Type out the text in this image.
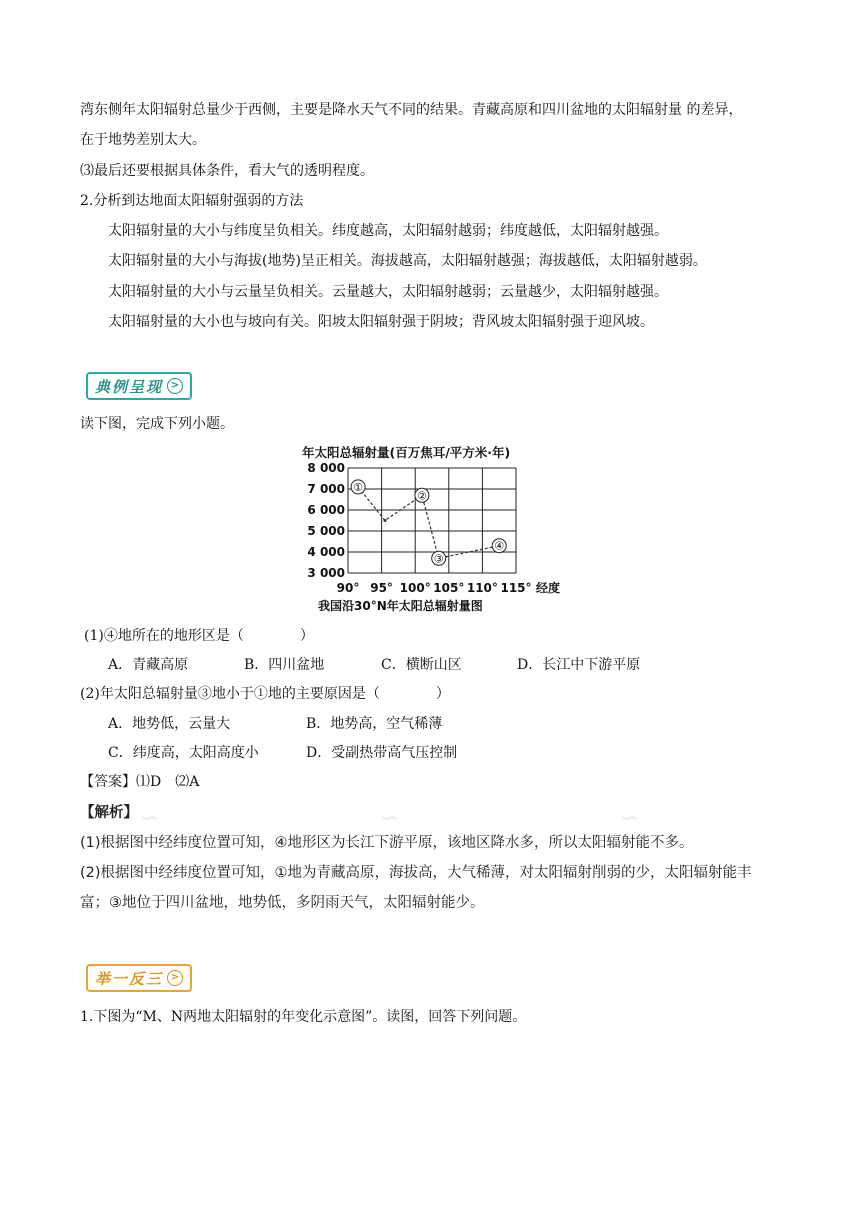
湾东侧年太阳辐射总量少于西侧，主要是降水天气不同的结果。青藏高原和四川盆地的太阳辐射量 的差异，
在于地势差别太大。
⑶最后还要根据具体条件，看大气的透明程度。
2.分析到达地面太阳辐射强弱的方法
太阳辐射量的大小与纬度呈负相关。纬度越高，太阳辐射越弱；纬度越低，太阳辐射越强。
太阳辐射量的大小与海拔(地势)呈正相关。海拔越高，太阳辐射越强；海拔越低，太阳辐射越弱。
太阳辐射量的大小与云量呈负相关。云量越大，太阳辐射越弱；云量越少，太阳辐射越强。
太阳辐射量的大小也与坡向有关。阳坡太阳辐射强于阴坡；背风坡太阳辐射强于迎风坡。
典例呈现 >
读下图，完成下列小题。
年太阳总辐射量(百万焦耳/平方米·年)
8 000
7 000
6 000
5 000
4 000
3 000
90° 95° 100° 105° 110° 115° 经度
①
②
③
④
我国沿30°N年太阳总辐射量图
(1)④地所在的地形区是（　　　　）
A．青藏高原	B．四川盆地	C．横断山区	D．长江中下游平原
(2)年太阳总辐射量③地小于①地的主要原因是（　　　　）
A．地势低，云量大	B．地势高，空气稀薄
C．纬度高，太阳高度小	D．受副热带高气压控制
【答案】⑴D　⑵A
∽	∽	∽
【解析】
(1)根据图中经纬度位置可知，④地形区为长江下游平原，该地区降水多，所以太阳辐射能不多。
(2)根据图中经纬度位置可知，①地为青藏高原，海拔高，大气稀薄，对太阳辐射削弱的少，太阳辐射能丰
富；③地位于四川盆地，地势低，多阴雨天气，太阳辐射能少。
举一反三 >
1.下图为“M、N两地太阳辐射的年变化示意图”。读图，回答下列问题。
